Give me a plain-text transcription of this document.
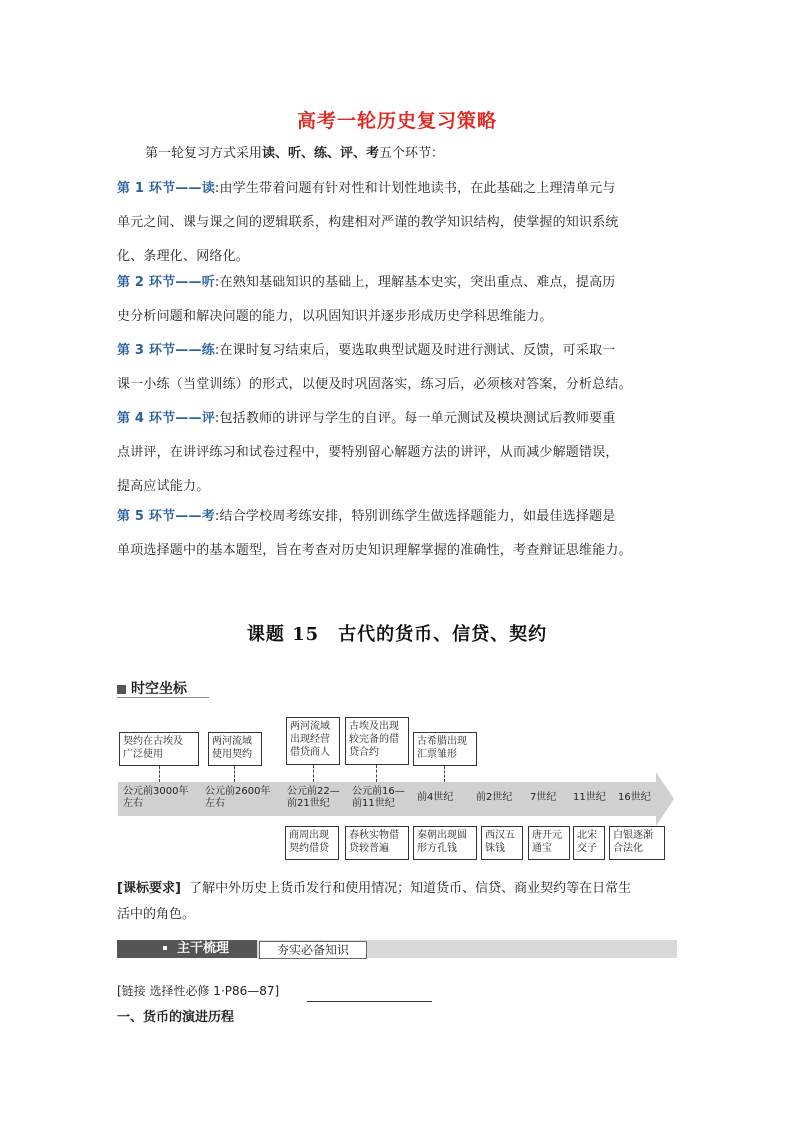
高考一轮历史复习策略
第一轮复习方式采用读、听、练、评、考五个环节：
第 1 环节——读:由学生带着问题有针对性和计划性地读书，在此基础之上理清单元与
单元之间、课与课之间的逻辑联系，构建相对严谨的教学知识结构，使掌握的知识系统
化、条理化、网络化。
第 2 环节——听:在熟知基础知识的基础上，理解基本史实，突出重点、难点，提高历
史分析问题和解决问题的能力，以巩固知识并逐步形成历史学科思维能力。
第 3 环节——练:在课时复习结束后，要选取典型试题及时进行测试、反馈，可采取一
课一小练（当堂训练）的形式，以便及时巩固落实，练习后，必须核对答案，分析总结。
第 4 环节——评:包括教师的讲评与学生的自评。每一单元测试及模块测试后教师要重
点讲评，在讲评练习和试卷过程中，要特别留心解题方法的讲评，从而减少解题错误，
提高应试能力。
第 5 环节——考:结合学校周考练安排，特别训练学生做选择题能力，如最佳选择题是
单项选择题中的基本题型，旨在考查对历史知识理解掌握的准确性，考查辩证思维能力。
课题 15　古代的货币、信贷、契约
时空坐标
公元前3000年
左右
公元前2600年
左右
公元前22—
前21世纪
公元前16—
前11世纪
前4世纪 前2世纪 7世纪 11世纪 16世纪
契约在古埃及
广泛使用
两河流域
使用契约
两河流域
出现经营
借贷商人
古埃及出现
较完备的借
贷合约
古希腊出现
汇票雏形
商周出现
契约借贷
春秋实物借
贷较普遍
秦朝出现圆
形方孔钱
西汉五
铢钱
唐开元
通宝
北宋
交子
白银逐渐
合法化
[课标要求] 了解中外历史上货币发行和使用情况；知道货币、信贷、商业契约等在日常生
活中的角色。
主干梳理	夯实必备知识
[链接 选择性必修 1·P86—87]
一、货币的演进历程
